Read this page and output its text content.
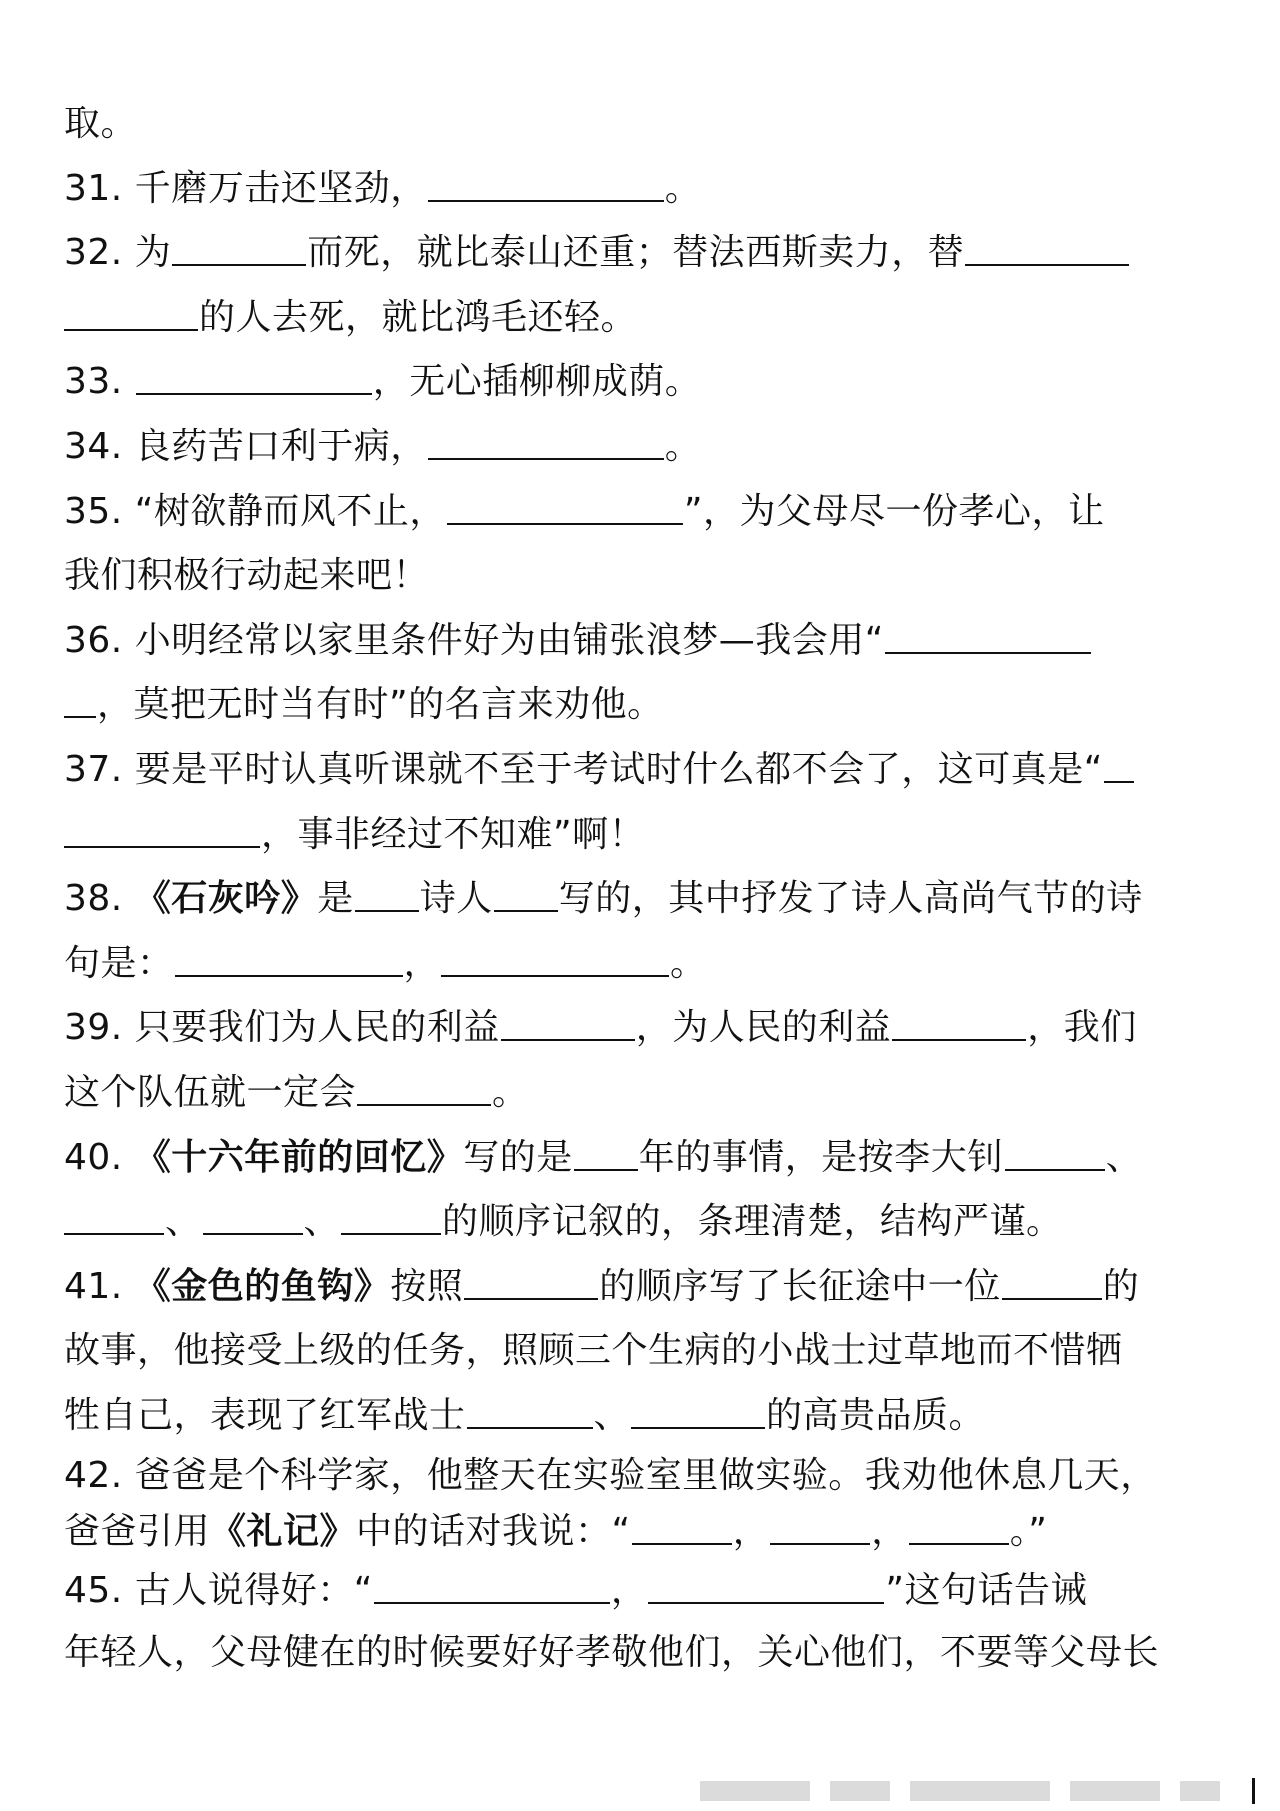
取。
31. 千磨万击还坚劲，	。
32. 为	而死，就比泰山还重；替法西斯卖力，替
的人去死，就比鸿毛还轻。
33.	，无心插柳柳成荫。
34. 良药苦口利于病，	。
35. “树欲静而风不止，	”，为父母尽一份孝心，让
我们积极行动起来吧！
36. 小明经常以家里条件好为由铺张浪梦—我会用“
，莫把无时当有时”的名言来劝他。
37. 要是平时认真听课就不至于考试时什么都不会了，这可真是“
，事非经过不知难”啊！
38. 《石灰吟》是 诗人 写的，其中抒发了诗人高尚气节的诗
句是：	，	。
39. 只要我们为人民的利益	，为人民的利益	，我们
这个队伍就一定会	。
40. 《十六年前的回忆》写的是 年的事情，是按李大钊	、
、	、	的顺序记叙的，条理清楚，结构严谨。
41. 《金色的鱼钩》按照	的顺序写了长征途中一位	的
故事，他接受上级的任务，照顾三个生病的小战士过草地而不惜牺
牲自己，表现了红军战士	、	的高贵品质。
42. 爸爸是个科学家，他整天在实验室里做实验。我劝他休息几天，
爸爸引用《礼记》中的话对我说：“	，	，	。”
45. 古人说得好：“	，	”这句话告诫
年轻人，父母健在的时候要好好孝敬他们，关心他们，不要等父母长
